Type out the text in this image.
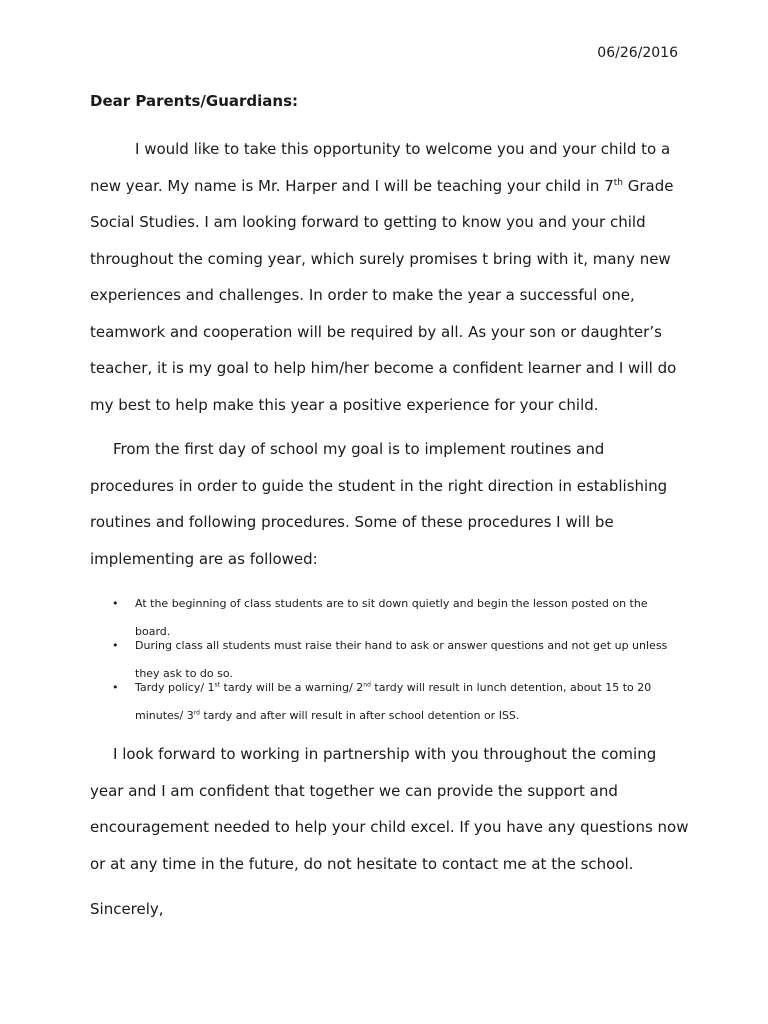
06/26/2016
Dear Parents/Guardians:

I would like to take this opportunity to welcome you and your child to a new year. My name is Mr. Harper and I will be teaching your child in 7th Grade Social Studies. I am looking forward to getting to know you and your child throughout the coming year, which surely promises t bring with it, many new experiences and challenges. In order to make the year a successful one, teamwork and cooperation will be required by all. As your son or daughter’s teacher, it is my goal to help him/her become a confident learner and I will do my best to help make this year a positive experience for your child.

From the first day of school my goal is to implement routines and procedures in order to guide the student in the right direction in establishing routines and following procedures. Some of these procedures I will be implementing are as followed:

• At the beginning of class students are to sit down quietly and begin the lesson posted on the board.
• During class all students must raise their hand to ask or answer questions and not get up unless they ask to do so.
• Tardy policy/ 1st tardy will be a warning/ 2nd tardy will result in lunch detention, about 15 to 20 minutes/ 3rd tardy and after will result in after school detention or ISS.

I look forward to working in partnership with you throughout the coming year and I am confident that together we can provide the support and encouragement needed to help your child excel. If you have any questions now or at any time in the future, do not hesitate to contact me at the school.

Sincerely,
